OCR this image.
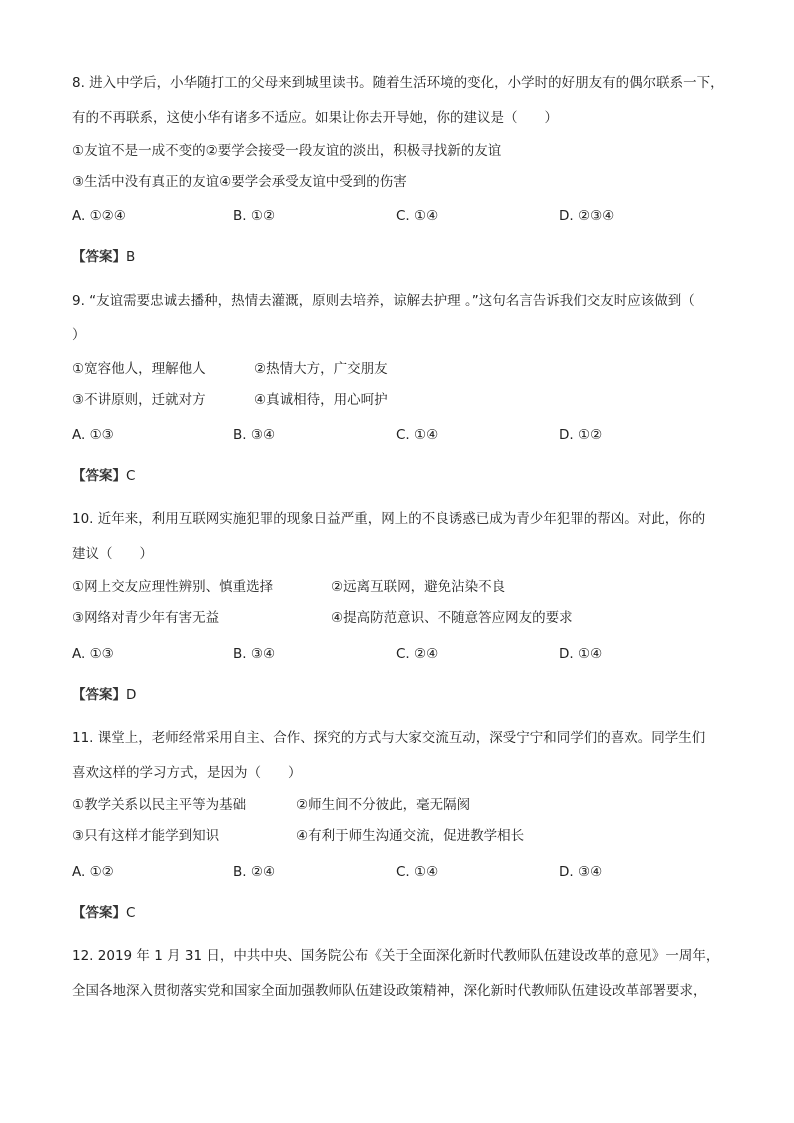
8. 进入中学后，小华随打工的父母来到城里读书。随着生活环境的变化，小学时的好朋友有的偶尔联系一下，
有的不再联系，这使小华有诸多不适应。如果让你去开导她，你的建议是（　　）
①友谊不是一成不变的②要学会接受一段友谊的淡出，积极寻找新的友谊
③生活中没有真正的友谊④要学会承受友谊中受到的伤害
A. ①②④	B. ①②	C. ①④	D. ②③④
【答案】B
9. “友谊需要忠诚去播种，热情去灌溉，原则去培养，谅解去护理 。”这句名言告诉我们交友时应该做到（
）
①宽容他人，理解他人	②热情大方，广交朋友
③不讲原则，迁就对方	④真诚相待，用心呵护
A. ①③	B. ③④	C. ①④	D. ①②
【答案】C
10. 近年来，利用互联网实施犯罪的现象日益严重，网上的不良诱惑已成为青少年犯罪的帮凶。对此，你的
建议（　　）
①网上交友应理性辨别、慎重选择	②远离互联网，避免沾染不良
③网络对青少年有害无益	④提高防范意识、不随意答应网友的要求
A. ①③	B. ③④	C. ②④	D. ①④
【答案】D
11. 课堂上，老师经常采用自主、合作、探究的方式与大家交流互动，深受宁宁和同学们的喜欢。同学生们
喜欢这样的学习方式，是因为（　　）
①教学关系以民主平等为基础	②师生间不分彼此，毫无隔阂
③只有这样才能学到知识	④有利于师生沟通交流，促进教学相长
A. ①②	B. ②④	C. ①④	D. ③④
【答案】C
12. 2019 年 1 月 31 日，中共中央、国务院公布《关于全面深化新时代教师队伍建设改革的意见》一周年，
全国各地深入贯彻落实党和国家全面加强教师队伍建设政策精神，深化新时代教师队伍建设改革部署要求，
